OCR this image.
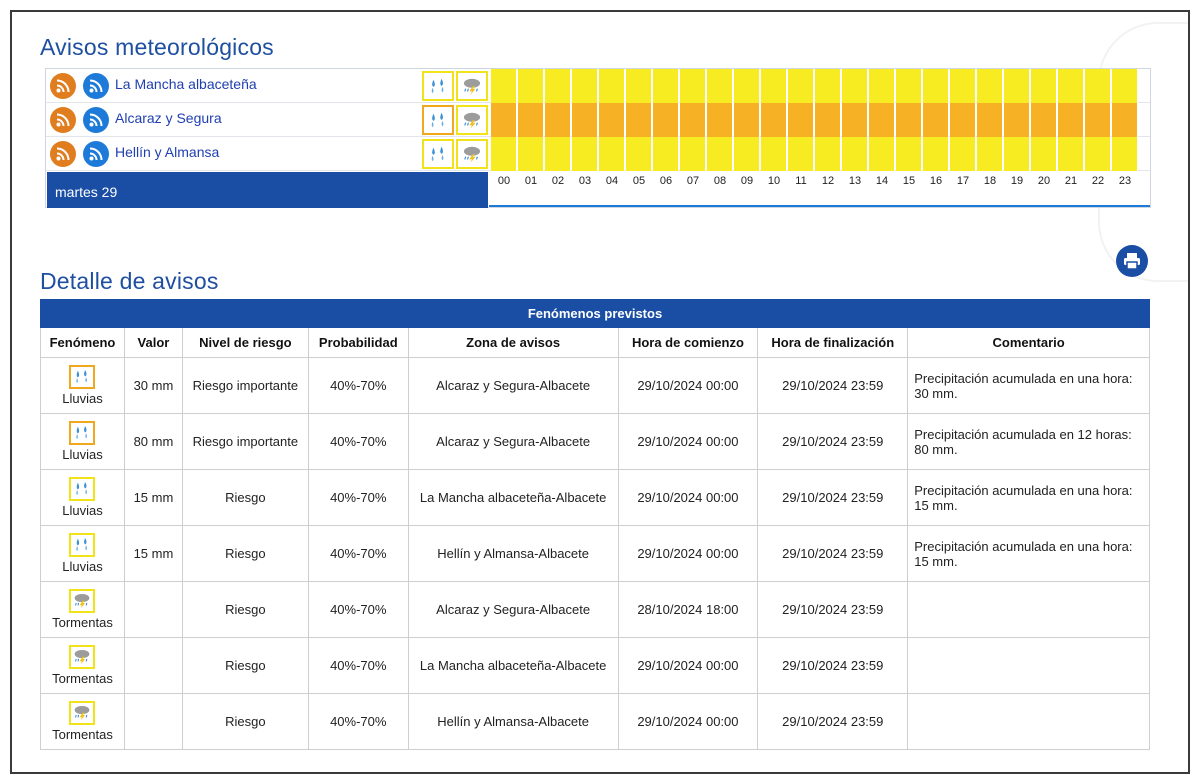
Avisos meteorológicos
martes 29
La Mancha albaceteña
Alcaraz y Segura
Hellín y Almansa
00	01	02	03	04	05	06	07	08	09	10	11	12	13	14	15	16	17	18	19	20	21	22	23
Detalle de avisos
Fenómenos previstos							
Fenómeno	Valor	Nivel de riesgo	Probabilidad	Zona de avisos	Hora de comienzo	Hora de finalización	Comentario

Lluvias	30 mm	Riesgo importante	40%-70%	Alcaraz y Segura-Albacete	29/10/2024 00:00	29/10/2024 23:59	Precipitación acumulada en una hora: 30 mm.

Lluvias	80 mm	Riesgo importante	40%-70%	Alcaraz y Segura-Albacete	29/10/2024 00:00	29/10/2024 23:59	Precipitación acumulada en 12 horas: 80 mm.

Lluvias	15 mm	Riesgo	40%-70%	La Mancha albaceteña-Albacete	29/10/2024 00:00	29/10/2024 23:59	Precipitación acumulada en una hora: 15 mm.

Lluvias	15 mm	Riesgo	40%-70%	Hellín y Almansa-Albacete	29/10/2024 00:00	29/10/2024 23:59	Precipitación acumulada en una hora: 15 mm.

Tormentas		Riesgo	40%-70%	Alcaraz y Segura-Albacete	28/10/2024 18:00	29/10/2024 23:59	

Tormentas		Riesgo	40%-70%	La Mancha albaceteña-Albacete	29/10/2024 00:00	29/10/2024 23:59	

Tormentas		Riesgo	40%-70%	Hellín y Almansa-Albacete	29/10/2024 00:00	29/10/2024 23:59	
